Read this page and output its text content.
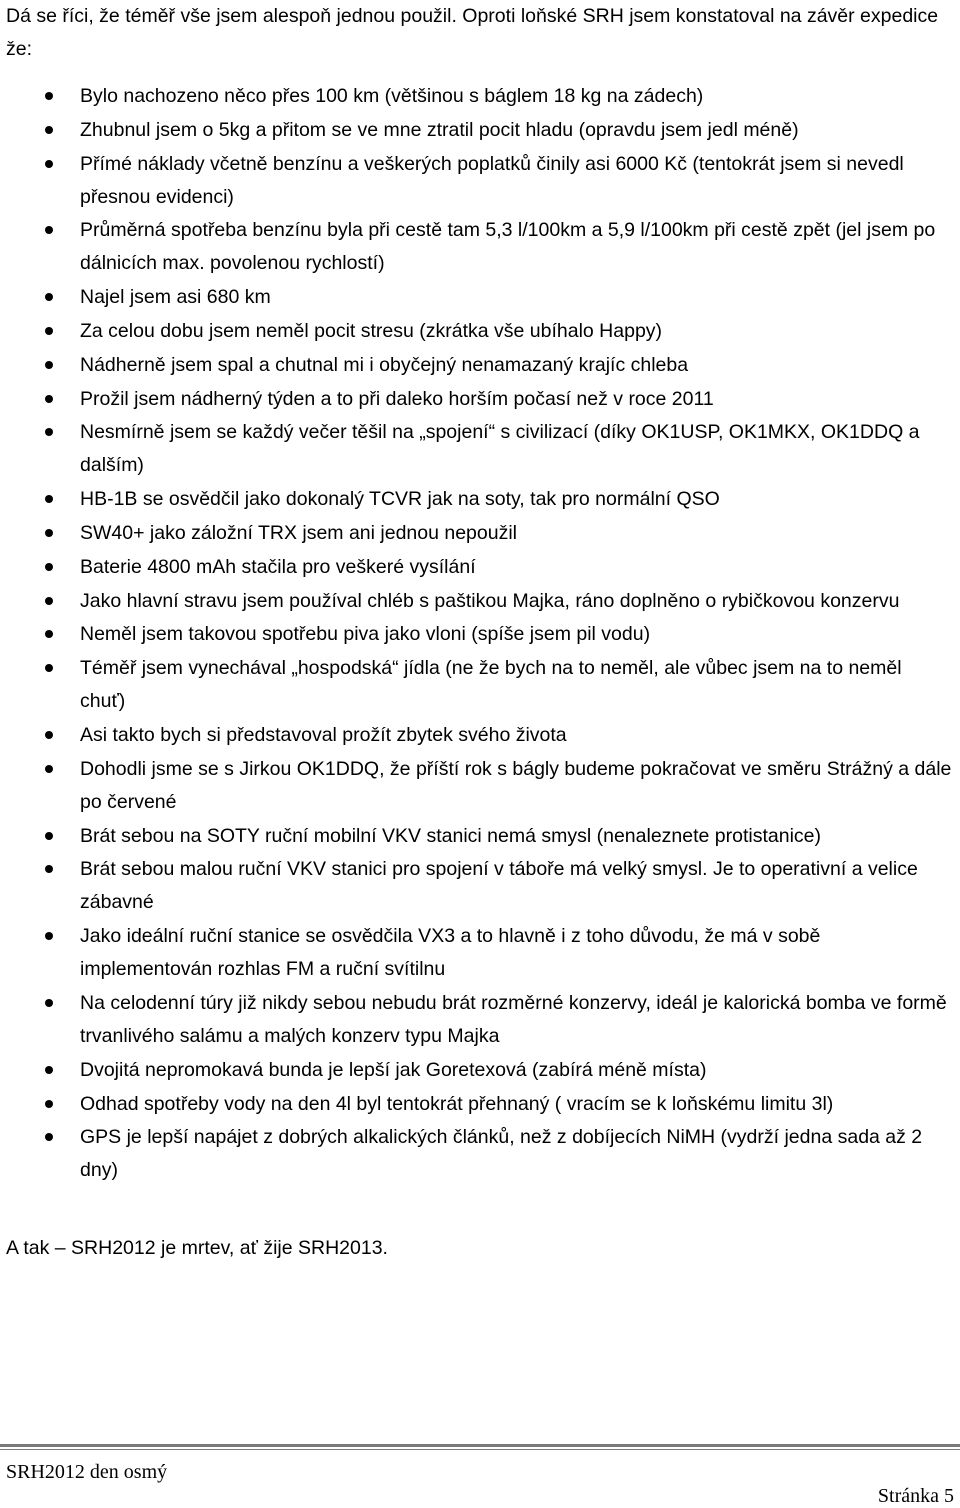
Dá se říci, že téměř vše jsem alespoň jednou použil. Oproti loňské SRH jsem konstatoval na závěr expedice že:

Bylo nachozeno něco přes 100 km (většinou s báglem 18 kg na zádech)
Zhubnul jsem o 5kg a přitom se ve mne ztratil pocit hladu (opravdu jsem jedl méně)
Přímé náklady včetně benzínu a veškerých poplatků činily asi 6000 Kč (tentokrát jsem si nevedl přesnou evidenci)
Průměrná spotřeba benzínu byla při cestě tam 5,3 l/100km a 5,9 l/100km při cestě zpět (jel jsem po dálnicích max. povolenou rychlostí)
Najel jsem asi 680 km
Za celou dobu jsem neměl pocit stresu (zkrátka vše ubíhalo Happy)
Nádherně jsem spal a chutnal mi i obyčejný nenamazaný krajíc chleba
Prožil jsem nádherný týden a to při daleko horším počasí než v roce 2011
Nesmírně jsem se každý večer těšil na „spojení“ s civilizací (díky OK1USP, OK1MKX, OK1DDQ a dalším)
HB-1B se osvědčil jako dokonalý TCVR jak na soty, tak pro normální QSO
SW40+ jako záložní TRX jsem ani jednou nepoužil
Baterie 4800 mAh stačila pro veškeré vysílání
Jako hlavní stravu jsem používal chléb s paštikou Majka, ráno doplněno o rybičkovou konzervu
Neměl jsem takovou spotřebu piva jako vloni (spíše jsem pil vodu)
Téměř jsem vynechával „hospodská“ jídla (ne že bych na to neměl, ale vůbec jsem na to neměl chuť)
Asi takto bych si představoval prožít zbytek svého života
Dohodli jsme se s Jirkou OK1DDQ, že příští rok s bágly budeme pokračovat ve směru Strážný a dále po červené
Brát sebou na SOTY ruční mobilní VKV stanici nemá smysl (nenaleznete protistanice)
Brát sebou malou ruční VKV stanici pro spojení v táboře má velký smysl. Je to operativní a velice zábavné
Jako ideální ruční stanice se osvědčila VX3 a to hlavně i z toho důvodu, že má v sobě implementován rozhlas FM a ruční svítilnu
Na celodenní túry již nikdy sebou nebudu brát rozměrné konzervy, ideál je kalorická bomba ve formě trvanlivého salámu a malých konzerv typu Majka
Dvojitá nepromokavá bunda je lepší jak Goretexová (zabírá méně místa)
Odhad spotřeby vody na den 4l byl tentokrát přehnaný ( vracím se k loňskému limitu 3l)
GPS je lepší napájet z dobrých alkalických článků, než z dobíjecích NiMH (vydrží jedna sada až 2 dny)

A tak – SRH2012 je mrtev, ať žije SRH2013.

SRH2012 den osmý

Stránka 5
